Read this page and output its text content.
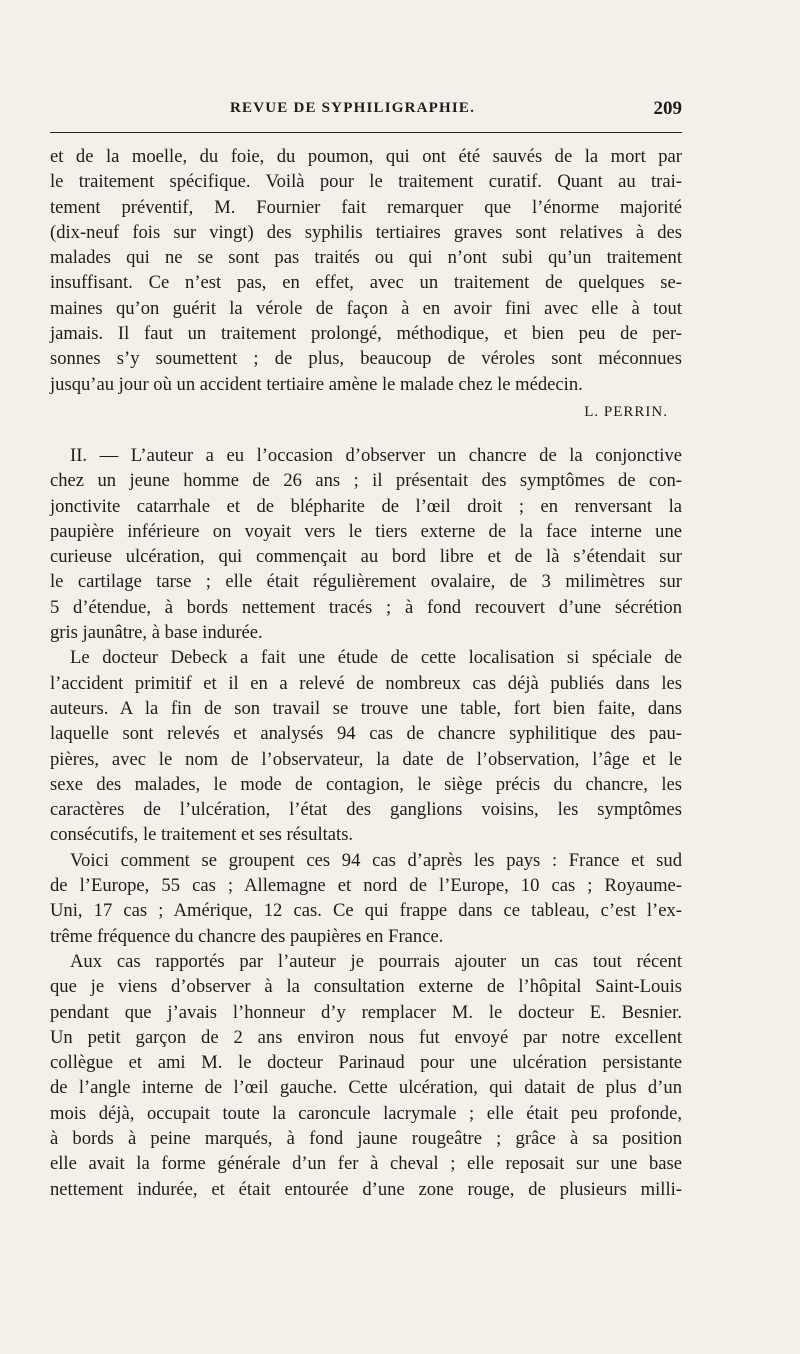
REVUE DE SYPHILIGRAPHIE.	209

et de la moelle, du foie, du poumon, qui ont été sauvés de la mort par
le traitement spécifique. Voilà pour le traitement curatif. Quant au trai-
tement préventif, M. Fournier fait remarquer que l’énorme majorité
(dix-neuf fois sur vingt) des syphilis tertiaires graves sont relatives à des
malades qui ne se sont pas traités ou qui n’ont subi qu’un traitement
insuffisant. Ce n’est pas, en effet, avec un traitement de quelques se-
maines qu’on guérit la vérole de façon à en avoir fini avec elle à tout
jamais. Il faut un traitement prolongé, méthodique, et bien peu de per-
sonnes s’y soumettent ; de plus, beaucoup de véroles sont méconnues
jusqu’au jour où un accident tertiaire amène le malade chez le médecin.

L. PERRIN.

II. — L’auteur a eu l’occasion d’observer un chancre de la conjonctive
chez un jeune homme de 26 ans ; il présentait des symptômes de con-
jonctivite catarrhale et de blépharite de l’œil droit ; en renversant la
paupière inférieure on voyait vers le tiers externe de la face interne une
curieuse ulcération, qui commençait au bord libre et de là s’étendait sur
le cartilage tarse ; elle était régulièrement ovalaire, de 3 milimètres sur
5 d’étendue, à bords nettement tracés ; à fond recouvert d’une sécrétion
gris jaunâtre, à base indurée.

Le docteur Debeck a fait une étude de cette localisation si spéciale de
l’accident primitif et il en a relevé de nombreux cas déjà publiés dans les
auteurs. A la fin de son travail se trouve une table, fort bien faite, dans
laquelle sont relevés et analysés 94 cas de chancre syphilitique des pau-
pières, avec le nom de l’observateur, la date de l’observation, l’âge et le
sexe des malades, le mode de contagion, le siège précis du chancre, les
caractères de l’ulcération, l’état des ganglions voisins, les symptômes
consécutifs, le traitement et ses résultats.

Voici comment se groupent ces 94 cas d’après les pays : France et sud
de l’Europe, 55 cas ; Allemagne et nord de l’Europe, 10 cas ; Royaume-
Uni, 17 cas ; Amérique, 12 cas. Ce qui frappe dans ce tableau, c’est l’ex-
trême fréquence du chancre des paupières en France.

Aux cas rapportés par l’auteur je pourrais ajouter un cas tout récent
que je viens d’observer à la consultation externe de l’hôpital Saint-Louis
pendant que j’avais l’honneur d’y remplacer M. le docteur E. Besnier.
Un petit garçon de 2 ans environ nous fut envoyé par notre excellent
collègue et ami M. le docteur Parinaud pour une ulcération persistante
de l’angle interne de l’œil gauche. Cette ulcération, qui datait de plus d’un
mois déjà, occupait toute la caroncule lacrymale ; elle était peu profonde,
à bords à peine marqués, à fond jaune rougeâtre ; grâce à sa position
elle avait la forme générale d’un fer à cheval ; elle reposait sur une base
nettement indurée, et était entourée d’une zone rouge, de plusieurs milli-
